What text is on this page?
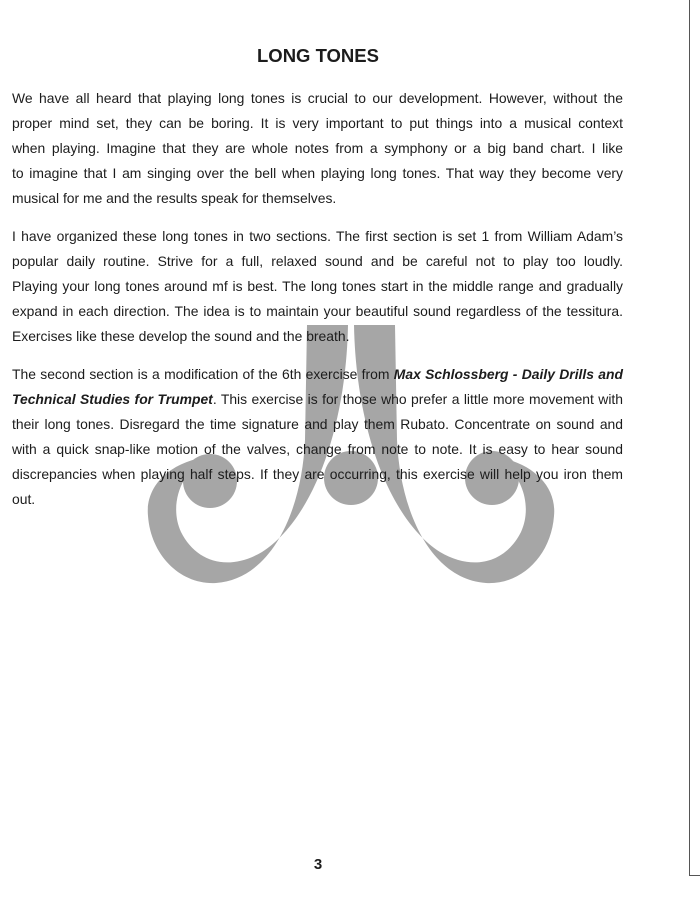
LONG TONES
We have all heard that playing long tones is crucial to our development. However, without the
proper mind set, they can be boring. It is very important to put things into a musical context
when playing. Imagine that they are whole notes from a symphony or a big band chart. I like
to imagine that I am singing over the bell when playing long tones. That way they become very
musical for me and the results speak for themselves.
I have organized these long tones in two sections. The first section is set 1 from William Adam’s
popular daily routine. Strive for a full, relaxed sound and be careful not to play too loudly.
Playing your long tones around mf is best. The long tones start in the middle range and gradually
expand in each direction. The idea is to maintain your beautiful sound regardless of the tessitura.
Exercises like these develop the sound and the breath.
The second section is a modification of the 6th exercise from Max Schlossberg - Daily Drills and
Technical Studies for Trumpet. This exercise is for those who prefer a little more movement with
their long tones. Disregard the time signature and play them Rubato. Concentrate on sound and
with a quick snap-like motion of the valves, change from note to note. It is easy to hear sound
discrepancies when playing half steps. If they are occurring, this exercise will help you iron them
out.
3
